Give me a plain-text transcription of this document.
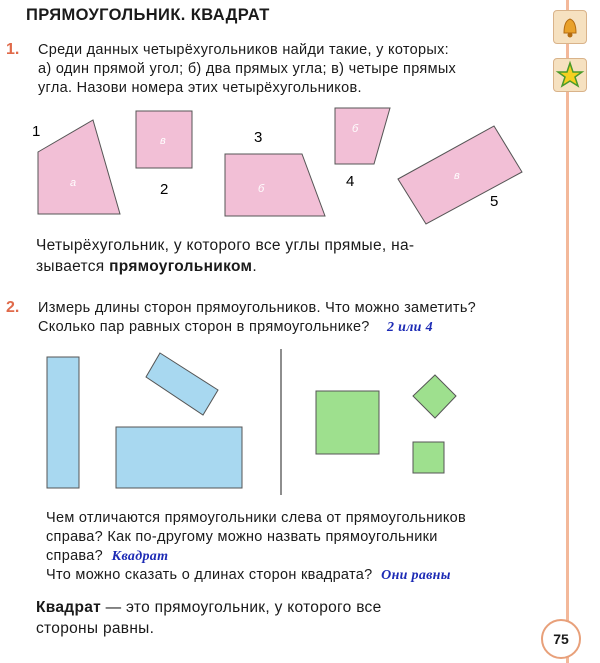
ПРЯМОУГОЛЬНИК. КВАДРАТ
1. Среди данных четырёхугольников найди такие, у которых:
а) один прямой угол; б) два прямых угла; в) четыре прямых
угла. Назови номера этих четырёхугольников.
1
а	2
в	3
б	4
б
5
в
Четырёхугольник, у которого все углы прямые, на-
зывается прямоугольником.
2. Измерь длины сторон прямоугольников. Что можно заметить?
Сколько пар равных сторон в прямоугольнике? 2 или 4
Чем отличаются прямоугольники слева от прямоугольников
справа? Как по-другому можно назвать прямоугольники
справа? Квадрат
Что можно сказать о длинах сторон квадрата? Они равны
Квадрат — это прямоугольник, у которого все
стороны равны.
75
